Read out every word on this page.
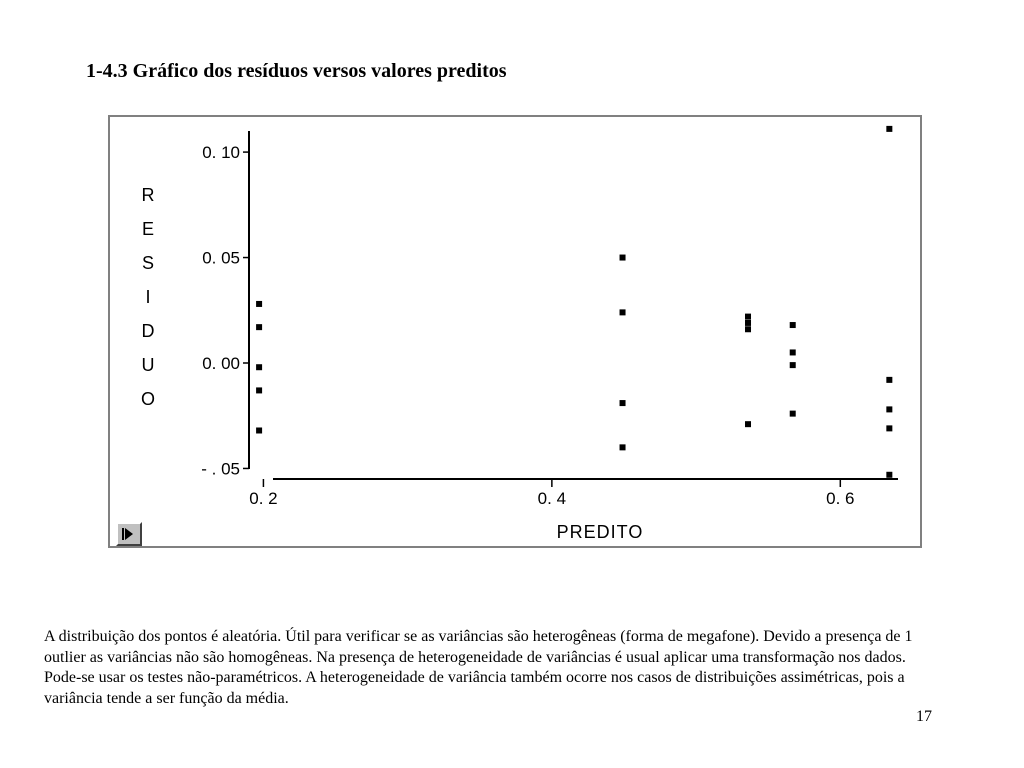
1-4.3 Gráfico dos resíduos versos valores preditos
0. 10
0. 05
0. 00
- . 05
0. 2	0. 4	0. 6
PREDITO
R
E
S
I
D
U
O

A distribuição dos pontos é aleatória. Útil para verificar se as variâncias são heterogêneas (forma de megafone). Devido a presença de 1 outlier as variâncias não são homogêneas. Na presença de heterogeneidade de variâncias é usual aplicar uma transformação nos dados. Pode-se usar os testes não-paramétricos. A heterogeneidade de variância também ocorre nos casos de distribuições assimétricas, pois a variância tende a ser função da média.

17
